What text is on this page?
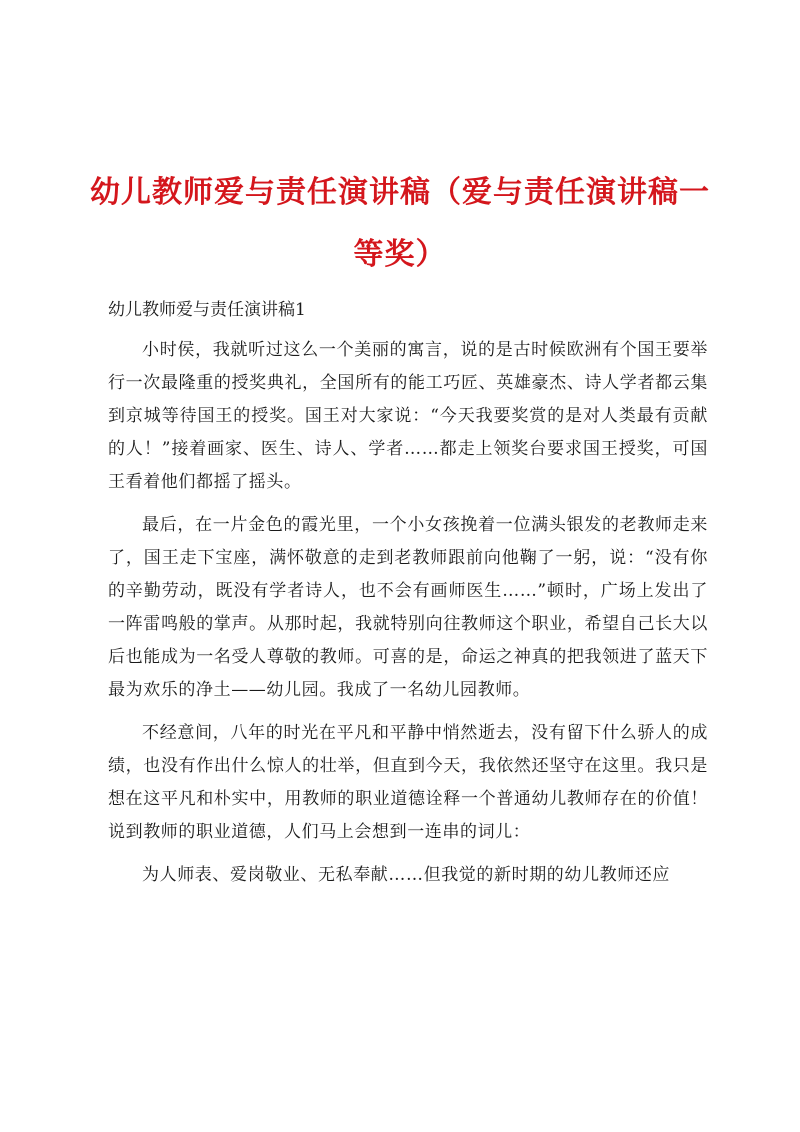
幼儿教师爱与责任演讲稿（爱与责任演讲稿一等奖）

幼儿教师爱与责任演讲稿1

小时侯，我就听过这么一个美丽的寓言，说的是古时候欧洲有个国王要举行一次最隆重的授奖典礼，全国所有的能工巧匠、英雄豪杰、诗人学者都云集到京城等待国王的授奖。国王对大家说：“今天我要奖赏的是对人类最有贡献的人！”接着画家、医生、诗人、学者……都走上领奖台要求国王授奖，可国王看着他们都摇了摇头。

最后，在一片金色的霞光里，一个小女孩挽着一位满头银发的老教师走来了，国王走下宝座，满怀敬意的走到老教师跟前向他鞠了一躬，说：“没有你的辛勤劳动，既没有学者诗人，也不会有画师医生……”顿时，广场上发出了一阵雷鸣般的掌声。从那时起，我就特别向往教师这个职业，希望自己长大以后也能成为一名受人尊敬的教师。可喜的是，命运之神真的把我领进了蓝天下最为欢乐的净土——幼儿园。我成了一名幼儿园教师。

不经意间，八年的时光在平凡和平静中悄然逝去，没有留下什么骄人的成绩，也没有作出什么惊人的壮举，但直到今天，我依然还坚守在这里。我只是想在这平凡和朴实中，用教师的职业道德诠释一个普通幼儿教师存在的价值！说到教师的职业道德，人们马上会想到一连串的词儿：

为人师表、爱岗敬业、无私奉献……但我觉的新时期的幼儿教师还应
